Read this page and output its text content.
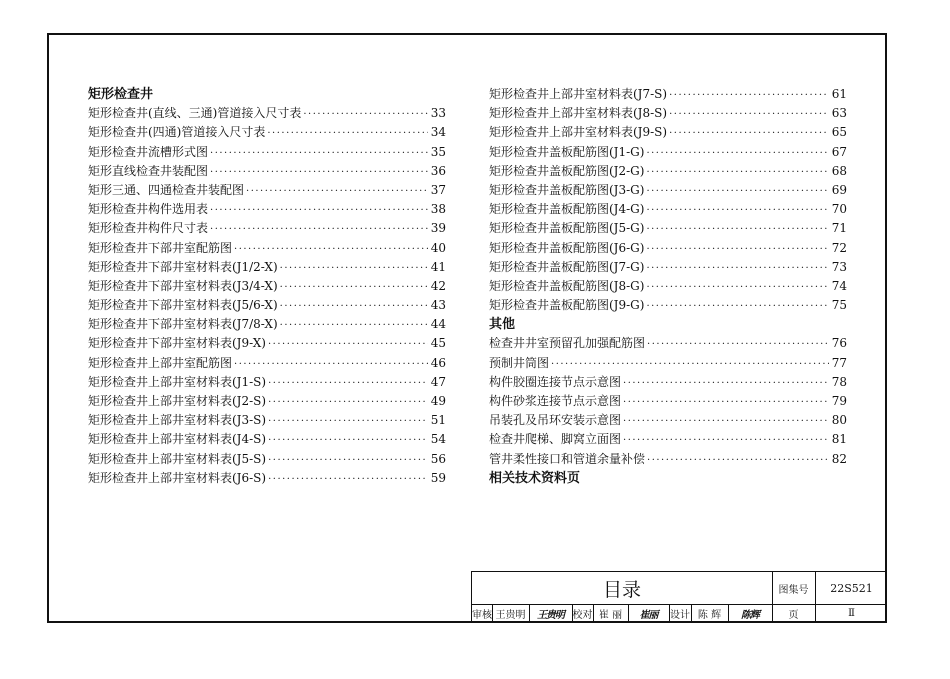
矩形检查井
矩形检查井(直线、三通)管道接入尺寸表 ·····	33
矩形检查井(四通)管道接入尺寸表 ·····	34
矩形检查井流槽形式图 ·····	35
矩形直线检查井装配图 ·····	36
矩形三通、四通检查井装配图 ·····	37
矩形检查井构件选用表 ·····	38
矩形检查井构件尺寸表 ·····	39
矩形检查井下部井室配筋图 ·····	40
矩形检查井下部井室材料表(J1/2-X) ·····	41
矩形检查井下部井室材料表(J3/4-X) ·····	42
矩形检查井下部井室材料表(J5/6-X) ·····	43
矩形检查井下部井室材料表(J7/8-X) ·····	44
矩形检查井下部井室材料表(J9-X) ·····	45
矩形检查井上部井室配筋图 ·····	46
矩形检查井上部井室材料表(J1-S) ·····	47
矩形检查井上部井室材料表(J2-S) ·····	49
矩形检查井上部井室材料表(J3-S) ·····	51
矩形检查井上部井室材料表(J4-S) ·····	54
矩形检查井上部井室材料表(J5-S) ·····	56
矩形检查井上部井室材料表(J6-S) ·····	59
矩形检查井上部井室材料表(J7-S) ·····	61
矩形检查井上部井室材料表(J8-S) ·····	63
矩形检查井上部井室材料表(J9-S) ·····	65
矩形检查井盖板配筋图(J1-G) ·····	67
矩形检查井盖板配筋图(J2-G) ·····	68
矩形检查井盖板配筋图(J3-G) ·····	69
矩形检查井盖板配筋图(J4-G) ·····	70
矩形检查井盖板配筋图(J5-G) ·····	71
矩形检查井盖板配筋图(J6-G) ·····	72
矩形检查井盖板配筋图(J7-G) ·····	73
矩形检查井盖板配筋图(J8-G) ·····	74
矩形检查井盖板配筋图(J9-G) ·····	75
其他
检查井井室预留孔加强配筋图 ·····	76
预制井筒图 ·····	77
构件胶圈连接节点示意图 ·····	78
构件砂浆连接节点示意图 ·····	79
吊装孔及吊环安装示意图 ·····	80
检查井爬梯、脚窝立面图 ·····	81
管井柔性接口和管道余量补偿 ·····	82
相关技术资料页
目录	图集号	22S521
审核 王贵明	王贵明 校对 崔 丽	崔丽	设计 陈 辉	陈辉	页	Ⅱ
